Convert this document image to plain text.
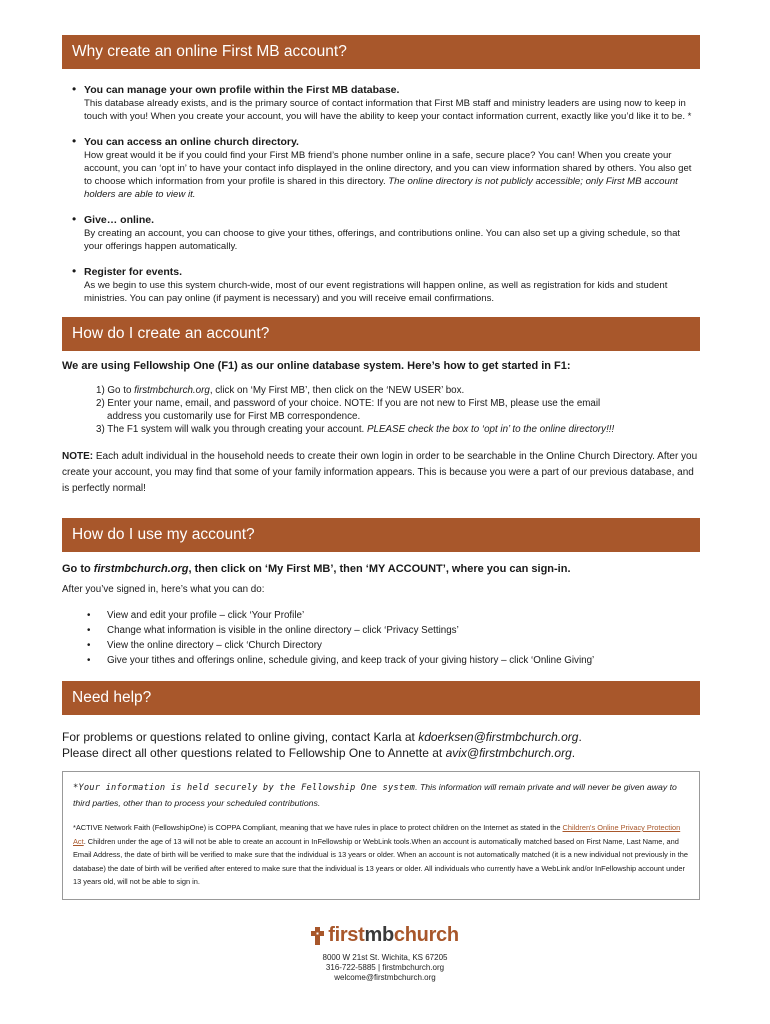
Why create an online First MB account?
• You can manage your own profile within the First MB database.
This database already exists, and is the primary source of contact information that First MB staff and ministry leaders are using now to keep in touch with you! When you create your account, you will have the ability to keep your contact information current, exactly like you’d like it to be. *
• You can access an online church directory.
How great would it be if you could find your First MB friend’s phone number online in a safe, secure place? You can! When you create your account, you can ‘opt in’ to have your contact info displayed in the online directory, and you can view information shared by others. You also get to choose which information from your profile is shared in this directory. The online directory is not publicly accessible; only First MB account holders are able to view it.
• Give… online.
By creating an account, you can choose to give your tithes, offerings, and contributions online. You can also set up a giving schedule, so that your offerings happen automatically.
• Register for events.
As we begin to use this system church-wide, most of our event registrations will happen online, as well as registration for kids and student ministries. You can pay online (if payment is necessary) and you will receive email confirmations.
How do I create an account?
We are using Fellowship One (F1) as our online database system. Here’s how to get started in F1:
1) Go to firstmbchurch.org, click on ‘My First MB’, then click on the ‘NEW USER’ box.
2) Enter your name, email, and password of your choice. NOTE: If you are not new to First MB, please use the email
address you customarily use for First MB correspondence.
3) The F1 system will walk you through creating your account. PLEASE check the box to ‘opt in’ to the online directory!!!
NOTE: Each adult individual in the household needs to create their own login in order to be searchable in the Online Church Directory. After you create your account, you may find that some of your family information appears. This is because you were a part of our previous database, and is perfectly normal!
How do I use my account?
Go to firstmbchurch.org, then click on ‘My First MB’, then ‘MY ACCOUNT’, where you can sign-in.
After you’ve signed in, here’s what you can do:
• View and edit your profile – click ‘Your Profile’
• Change what information is visible in the online directory – click ‘Privacy Settings’
• View the online directory – click ‘Church Directory
• Give your tithes and offerings online, schedule giving, and keep track of your giving history – click ‘Online Giving’
Need help?
For problems or questions related to online giving, contact Karla at kdoerksen@firstmbchurch.org.
Please direct all other questions related to Fellowship One to Annette at avix@firstmbchurch.org.

*Your information is held securely by the Fellowship One system. This information will remain private and will never be given away to third parties, other than to process your scheduled contributions.

*ACTIVE Network Faith (FellowshipOne) is COPPA Compliant, meaning that we have rules in place to protect children on the Internet as stated in the Children's Online Privacy Protection Act. Children under the age of 13 will not be able to create an account in InFellowship or WebLink tools.When an account is automatically matched based on First Name, Last Name, and Email Address, the date of birth will be verified to make sure that the individual is 13 years or older. When an account is not automatically matched (it is a new individual not previously in the database) the date of birth will be verified after entered to make sure that the individual is 13 years or older. All individuals who currently have a WebLink and/or InFellowship account under 13 years old, will not be able to sign in.

firstmbchurch
8000 W 21st St. Wichita, KS 67205
316-722-5885 | firstmbchurch.org
welcome@firstmbchurch.org
